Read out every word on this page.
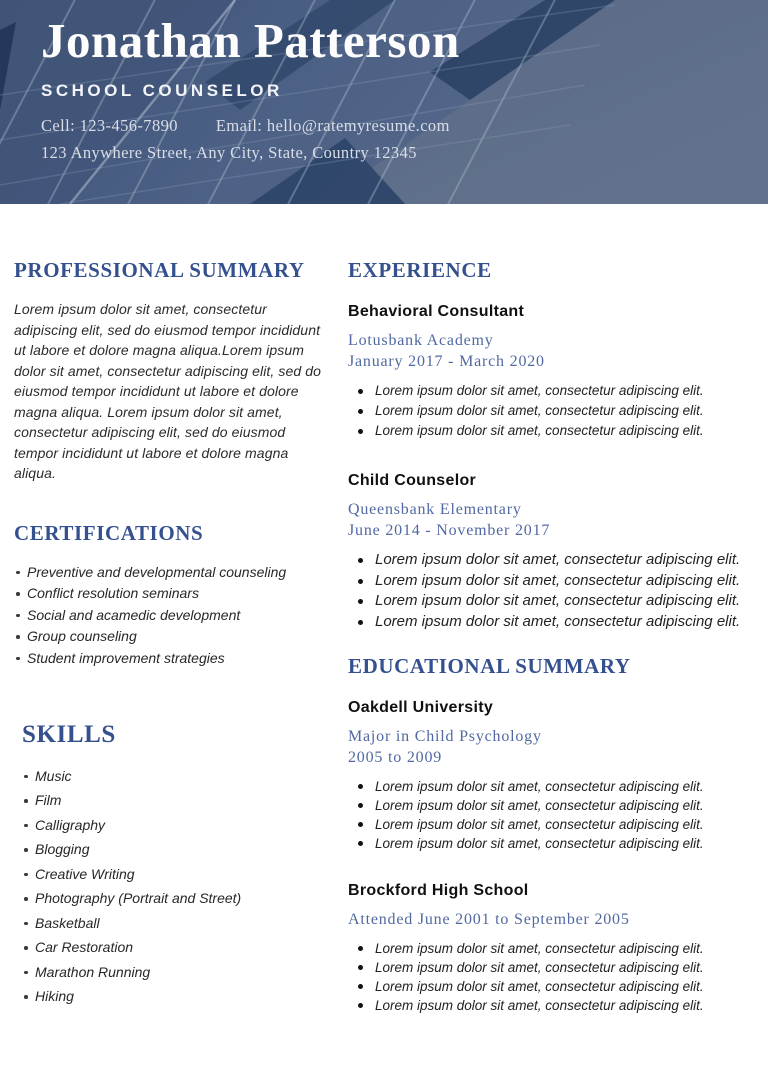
Jonathan Patterson
SCHOOL COUNSELOR
Cell: 123-456-7890 Email: hello@ratemyresume.com
123 Anywhere Street, Any City, State, Country 12345
PROFESSIONAL SUMMARY

Lorem ipsum dolor sit amet, consectetur adipiscing elit, sed do eiusmod tempor incididunt ut labore et dolore magna aliqua.Lorem ipsum dolor sit amet, consectetur adipiscing elit, sed do eiusmod tempor incididunt ut labore et dolore magna aliqua. Lorem ipsum dolor sit amet, consectetur adipiscing elit, sed do eiusmod tempor incididunt ut labore et dolore magna aliqua.

CERTIFICATIONS
Preventive and developmental counseling
Conflict resolution seminars
Social and acamedic development
Group counseling
Student improvement strategies
SKILLS
Music
Film
Calligraphy
Blogging
Creative Writing
Photography (Portrait and Street)
Basketball
Car Restoration
Marathon Running
Hiking
EXPERIENCE
Behavioral Consultant
Lotusbank Academy
January 2017 - March 2020
Lorem ipsum dolor sit amet, consectetur adipiscing elit.
Lorem ipsum dolor sit amet, consectetur adipiscing elit.
Lorem ipsum dolor sit amet, consectetur adipiscing elit.
Child Counselor
Queensbank Elementary
June 2014 - November 2017
Lorem ipsum dolor sit amet, consectetur adipiscing elit.
Lorem ipsum dolor sit amet, consectetur adipiscing elit.
Lorem ipsum dolor sit amet, consectetur adipiscing elit.
Lorem ipsum dolor sit amet, consectetur adipiscing elit.
EDUCATIONAL SUMMARY
Oakdell University
Major in Child Psychology
2005 to 2009
Lorem ipsum dolor sit amet, consectetur adipiscing elit.
Lorem ipsum dolor sit amet, consectetur adipiscing elit.
Lorem ipsum dolor sit amet, consectetur adipiscing elit.
Lorem ipsum dolor sit amet, consectetur adipiscing elit.
Brockford High School
Attended June 2001 to September 2005
Lorem ipsum dolor sit amet, consectetur adipiscing elit.
Lorem ipsum dolor sit amet, consectetur adipiscing elit.
Lorem ipsum dolor sit amet, consectetur adipiscing elit.
Lorem ipsum dolor sit amet, consectetur adipiscing elit.
